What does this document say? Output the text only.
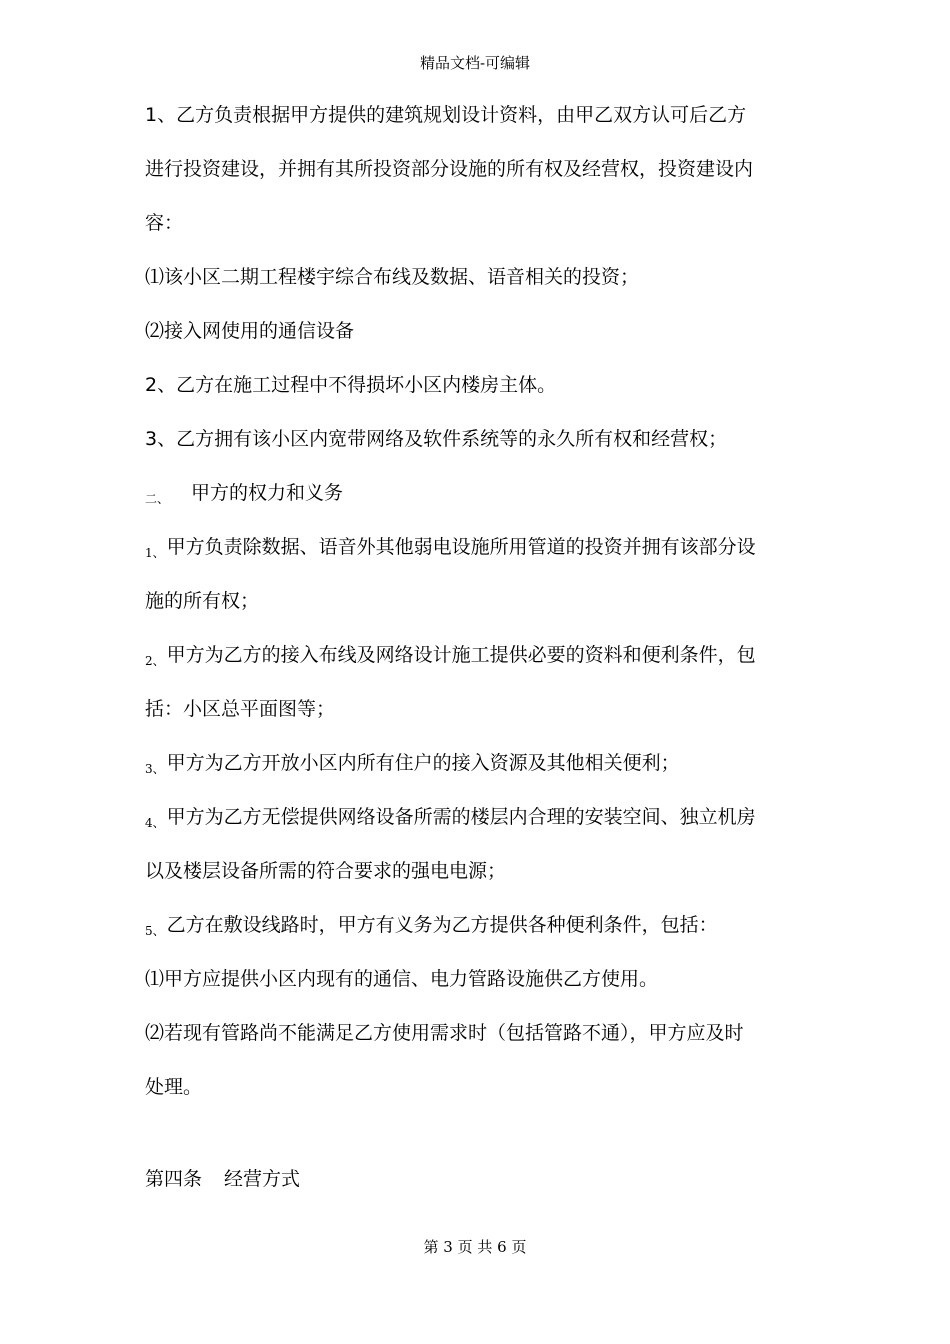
精品文档-可编辑
1、乙方负责根据甲方提供的建筑规划设计资料，由甲乙双方认可后乙方
进行投资建设，并拥有其所投资部分设施的所有权及经营权，投资建设内
容：
⑴该小区二期工程楼宇综合布线及数据、语音相关的投资；
⑵接入网使用的通信设备
2、乙方在施工过程中不得损坏小区内楼房主体。
3、乙方拥有该小区内宽带网络及软件系统等的永久所有权和经营权；
$_{二、}$ 甲方的权力和义务
$_{1、}$ 甲方负责除数据、语音外其他弱电设施所用管道的投资并拥有该部分设
施的所有权；
$_{2、}$ 甲方为乙方的接入布线及网络设计施工提供必要的资料和便利条件，包
括：小区总平面图等；
$_{3、}$ 甲方为乙方开放小区内所有住户的接入资源及其他相关便利；
$_{4、}$ 甲方为乙方无偿提供网络设备所需的楼层内合理的安装空间、独立机房
以及楼层设备所需的符合要求的强电电源；
$_{5、}$ 乙方在敷设线路时，甲方有义务为乙方提供各种便利条件，包括：
⑴甲方应提供小区内现有的通信、电力管路设施供乙方使用。
⑵若现有管路尚不能满足乙方使用需求时（包括管路不通），甲方应及时
处理。
第四条 经营方式
第 3 页 共 6 页
